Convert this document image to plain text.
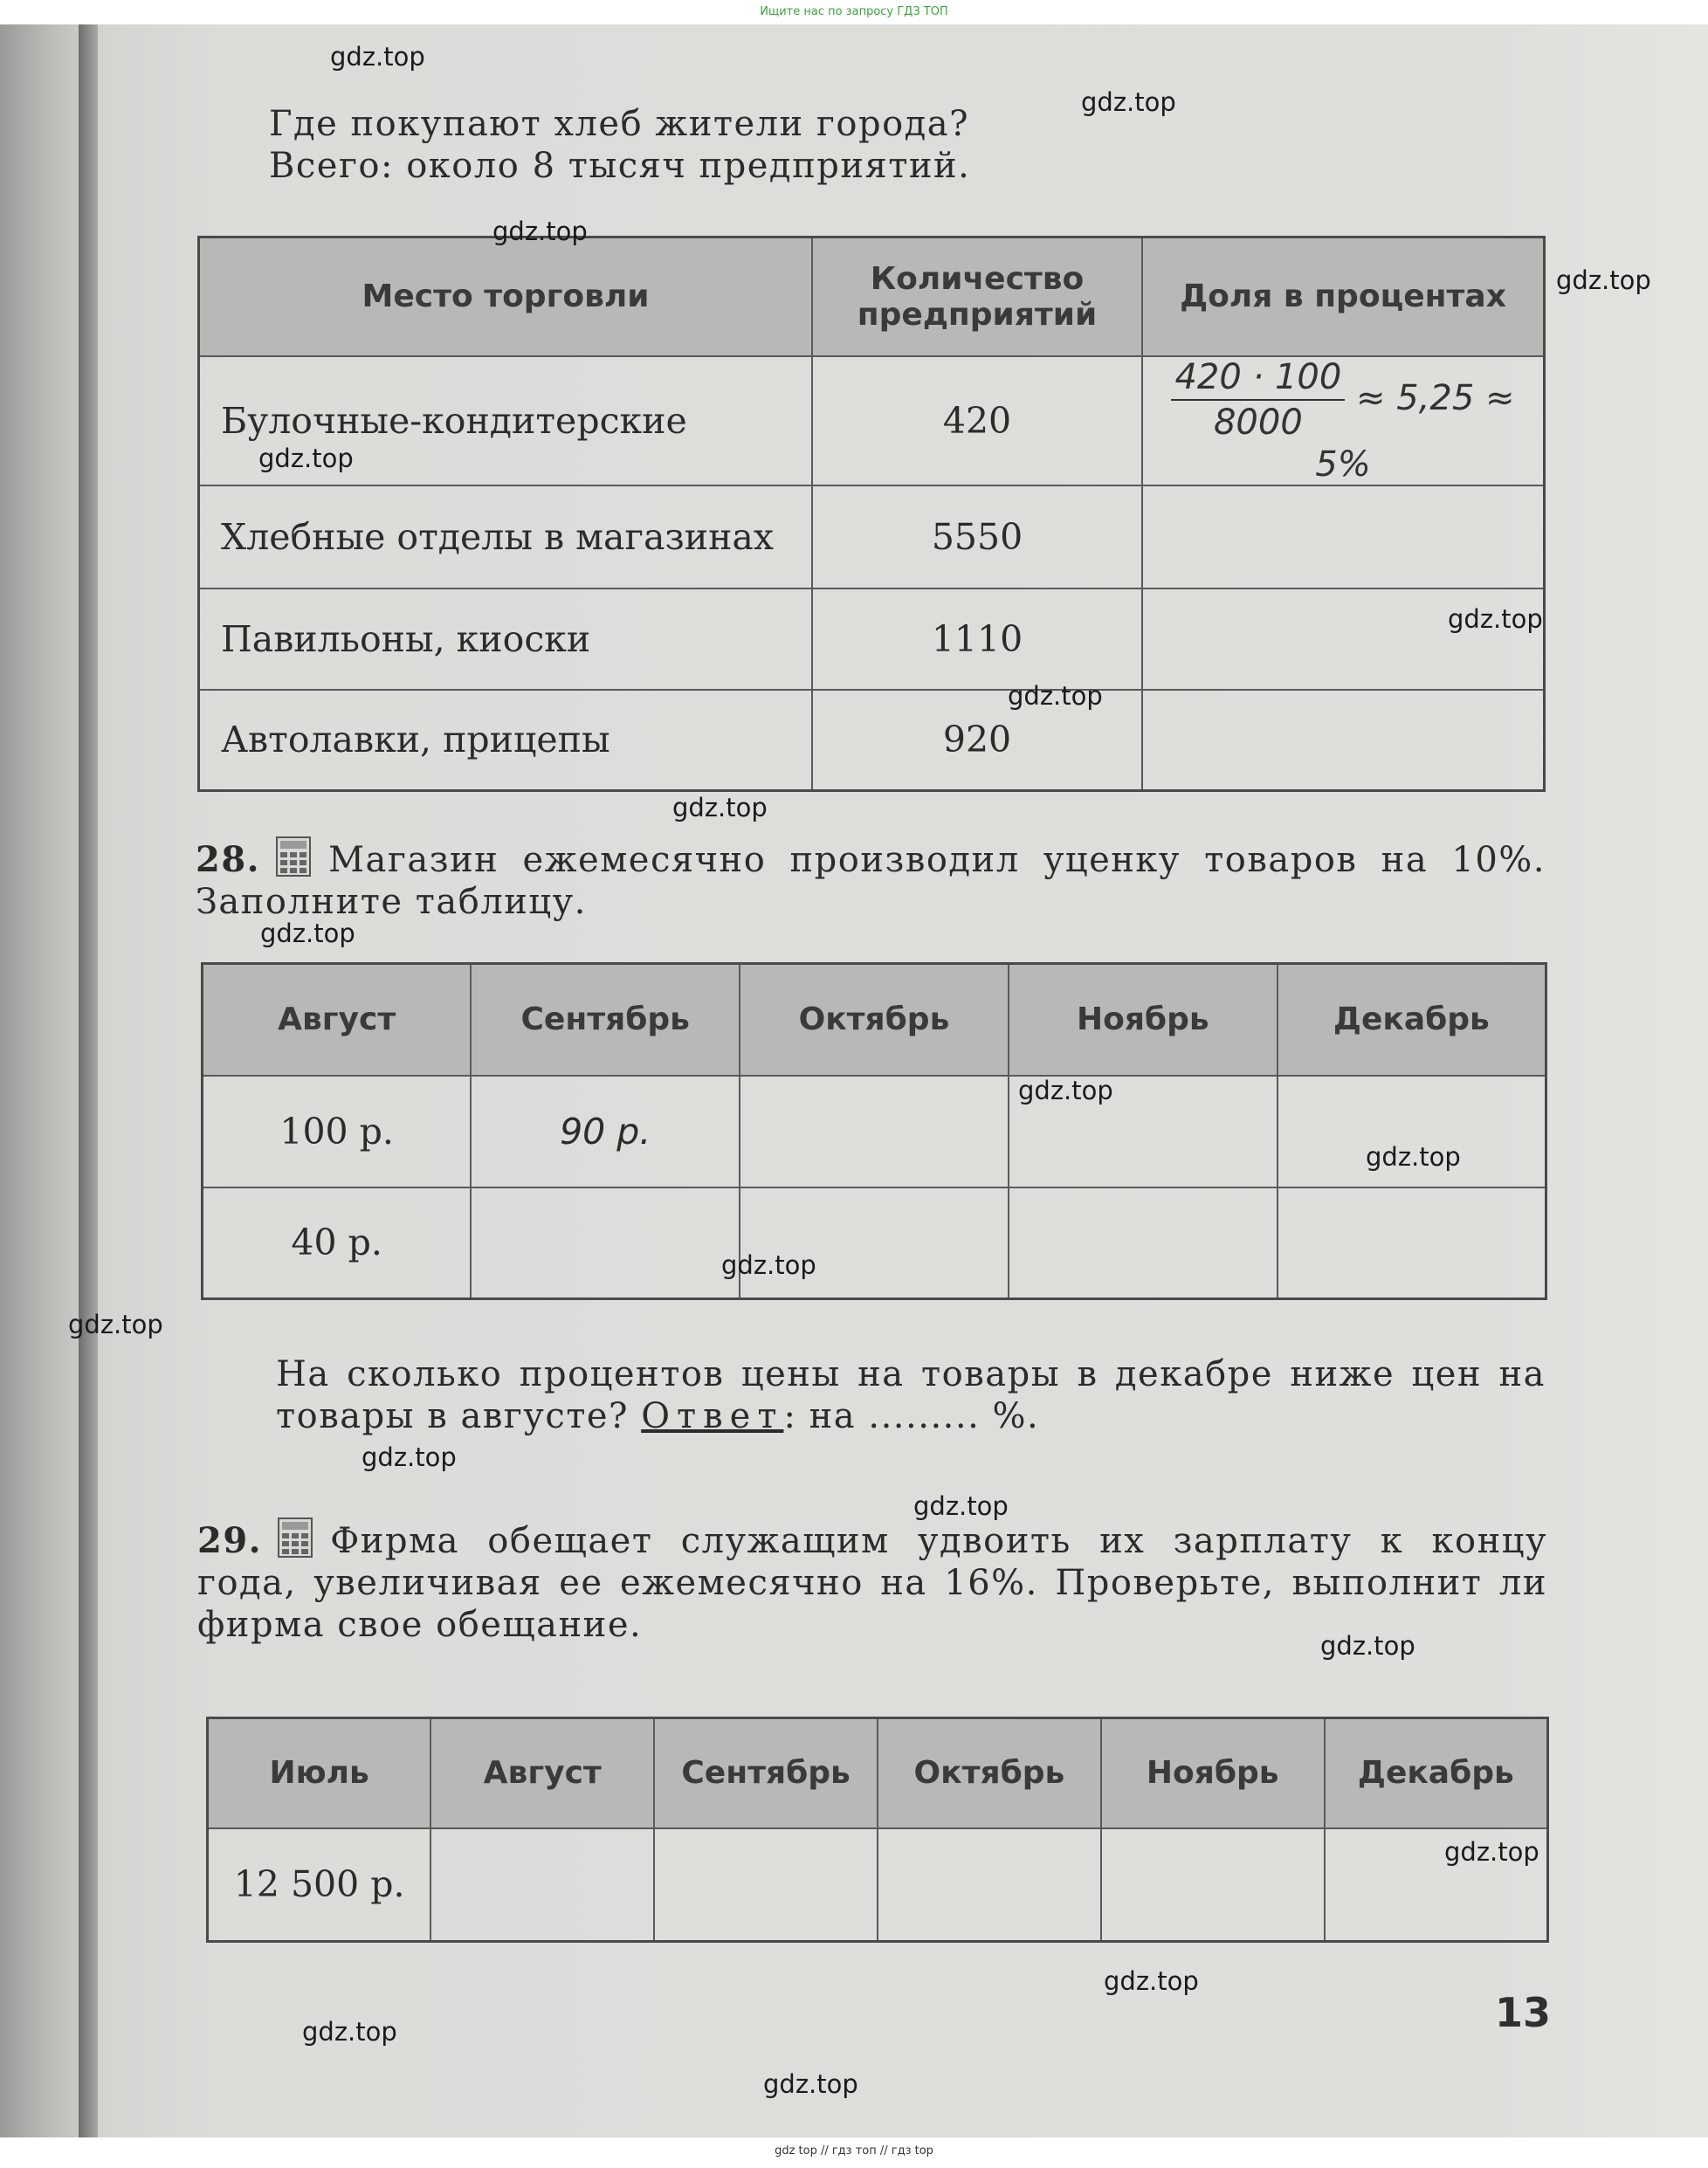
Ищите нас по запросу ГДЗ ТОП
Где покупают хлеб жители города?
Всего: около 8 тысяч предприятий.
Место торговли	Количество предприятий	Доля в процентах
Булочные-кондитерские	420	$\frac{420 \cdot 100}{8000} \approx 5,25 \approx 5\%$
Хлебные отделы в магазинах	5550	
Павильоны, киоски	1110	
Автолавки, прицепы	920	
28. Магазин ежемесячно производил уценку товаров на 10%. Заполните таблицу.
Август	Сентябрь	Октябрь	Ноябрь	Декабрь
100 р.	90 р.			
40 р.				
На сколько процентов цены на товары в декабре ниже цен на товары в августе? Ответ: на ......... %.
29. Фирма обещает служащим удвоить их зарплату к концу года, увеличивая ее ежемесячно на 16%. Проверьте, выполнит ли фирма свое обещание.
Июль	Август	Сентябрь	Октябрь	Ноябрь	Декабрь
12 500 р.					
13
gdz.top
gdz.top
gdz.top
gdz.top
gdz.top
gdz.top
gdz.top
gdz.top
gdz.top
gdz.top
gdz.top
gdz.top
gdz.top
gdz.top
gdz.top
gdz.top
gdz.top
gdz.top
gdz.top
gdz.top
gdz top // гдз топ // гдз top
